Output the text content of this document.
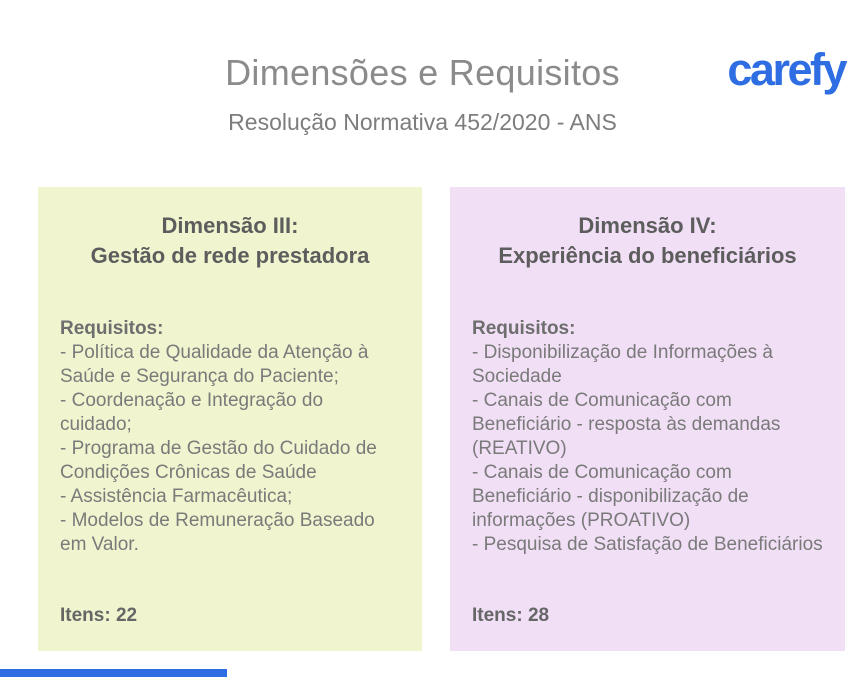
Dimensões e Requisitos
Resolução Normativa 452/2020 - ANS
carefy
Dimensão III:
Gestão de rede prestadora
Requisitos:
- Política de Qualidade da Atenção à Saúde e Segurança do Paciente;
- Coordenação e Integração do cuidado;
- Programa de Gestão do Cuidado de Condições Crônicas de Saúde
- Assistência Farmacêutica;
- Modelos de Remuneração Baseado em Valor.
Itens: 22
Dimensão IV:
Experiência do beneficiários
Requisitos:
- Disponibilização de Informações à Sociedade
- Canais de Comunicação com Beneficiário - resposta às demandas (REATIVO)
- Canais de Comunicação com Beneficiário - disponibilização de informações (PROATIVO)
- Pesquisa de Satisfação de Beneficiários
Itens: 28
